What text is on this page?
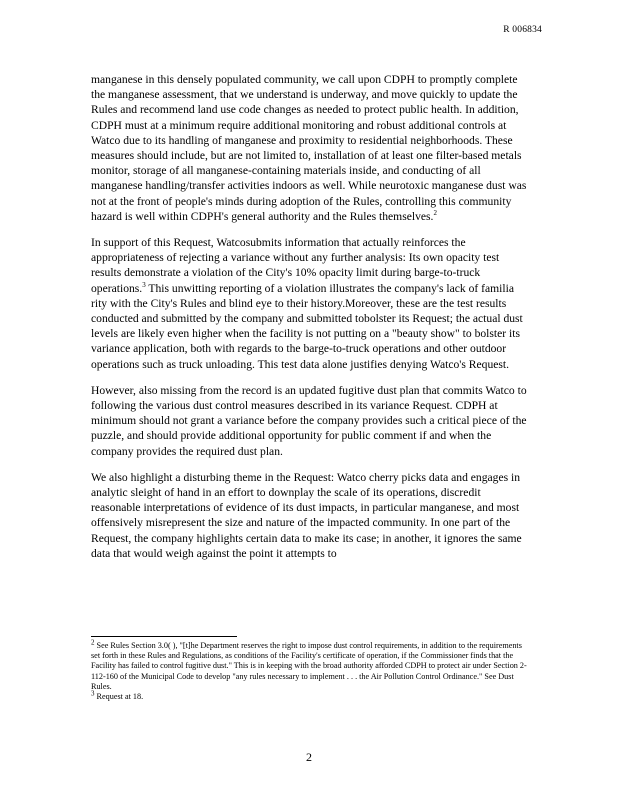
R 006834

manganese in this densely populated community, we call upon CDPH to promptly complete the manganese assessment, that we understand is underway, and move quickly to update the Rules and recommend land use code changes as needed to protect public health. In addition, CDPH must at a minimum require additional monitoring and robust additional controls at Watco due to its handling of manganese and proximity to residential neighborhoods. These measures should include, but are not limited to, installation of at least one filter-based metals monitor, storage of all manganese-containing materials inside, and conducting of all manganese handling/transfer activities indoors as well. While neurotoxic manganese dust was not at the front of people's minds during adoption of the Rules, controlling this community hazard is well within CDPH's general authority and the Rules themselves.$^2$

In support of this Request, Watcosubmits information that actually reinforces the appropriateness of rejecting a variance without any further analysis: Its own opacity test results demonstrate a violation of the City's 10% opacity limit during barge-to-truck operations.$^3$ This unwitting reporting of a violation illustrates the company's lack of familia rity with the City's Rules and blind eye to their history.Moreover, these are the test results conducted and submitted by the company and submitted tobolster its Request; the actual dust levels are likely even higher when the facility is not putting on a "beauty show" to bolster its variance application, both with regards to the barge-to-truck operations and other outdoor operations such as truck unloading. This test data alone justifies denying Watco's Request.

However, also missing from the record is an updated fugitive dust plan that commits Watco to following the various dust control measures described in its variance Request. CDPH at minimum should not grant a variance before the company provides such a critical piece of the puzzle, and should provide additional opportunity for public comment if and when the company provides the required dust plan.

We also highlight a disturbing theme in the Request: Watco cherry picks data and engages in analytic sleight of hand in an effort to downplay the scale of its operations, discredit reasonable interpretations of evidence of its dust impacts, in particular manganese, and most offensively misrepresent the size and nature of the impacted community. In one part of the Request, the company highlights certain data to make its case; in another, it ignores the same data that would weigh against the point it attempts to

2 See Rules Section 3.0( ), "[t]he Department reserves the right to impose dust control requirements, in addition to the requirements set forth in these Rules and Regulations, as conditions of the Facility's certificate of operation, if the Commissioner finds that the Facility has failed to control fugitive dust." This is in keeping with the broad authority afforded CDPH to protect air under Section 2-112-160 of the Municipal Code to develop "any rules necessary to implement . . . the Air Pollution Control Ordinance." See Dust Rules.

3 Request at 18.

2
